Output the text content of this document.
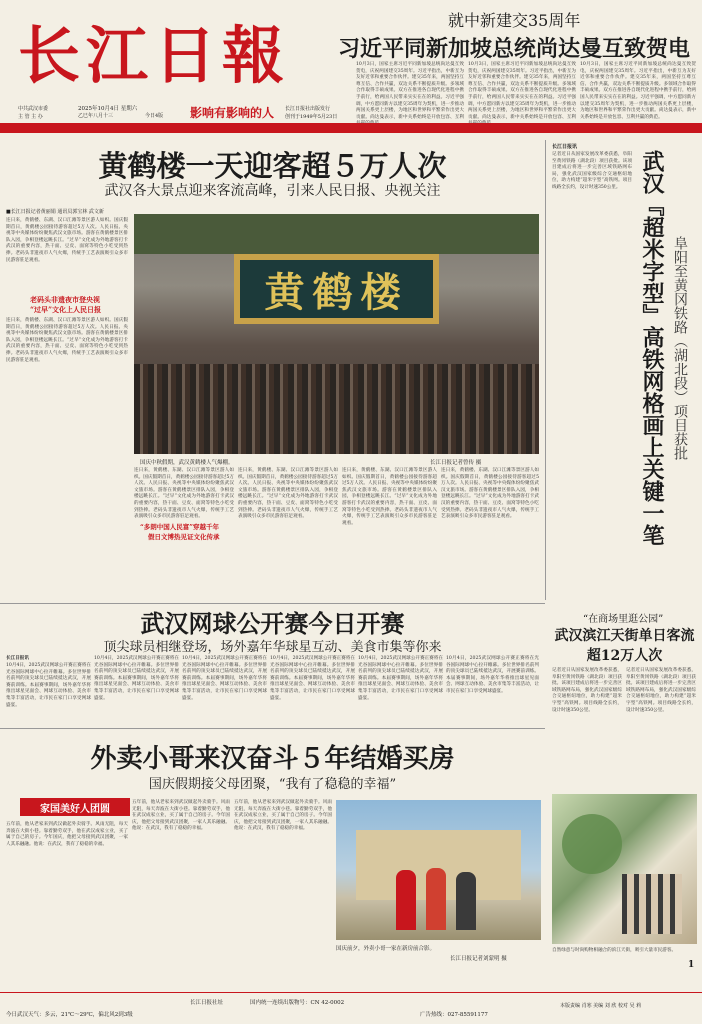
长江日報
影响有影响的人
中共武汉市委
主 管 主 办
2025年10月4日 星期六
乙巳年八月十三	今日4版
长江日报社出版发行
创刊于1949年5月23日
就中新建交35周年
习近平同新加坡总统尚达曼互致贺电
10月3日，国家主席习近平同新加坡总统尚达曼互致贺电，庆祝两国建交35周年。习近平指出，中新互为友好近邻和重要合作伙伴。建交35年来，两国坚持互尊互信、合作共赢，双边关系不断提质升级。多领域合作取得丰硕成果。双方在推进各自现代化进程中携手前行，给两国人民带来实实在在的利益。习近平强调，中方愿同新方以建交35周年为契机，进一步推动两国关系更上层楼，为地区和世界和平繁荣作出更大贡献。尚达曼表示，新中关系始终是开放包容、互利
10月3日，国家主席习近平同新加坡总统尚达曼互致贺电，庆祝两国建交35周年。习近平指出，中新互为友好近邻和重要合作伙伴。建交35年来，两国坚持互尊互信、合作共赢，双边关系不断提质升级。多领域合作取得丰硕成果。双方在推进各自现代化进程中携手前行，给两国人民带来实实在在的利益。习近平强调，中方愿同新方以建交35周年为契机，进一步推动两国关系更上层楼，为地区和世界和平繁荣作出更大贡献。尚达曼表示，新中关系始终是开放包容、互利
10月3日，国家主席习近平同新加坡总统尚达曼互致贺电，庆祝两国建交35周年。习近平指出，中新互为友好近邻和重要合作伙伴。建交35年来，两国坚持互尊互信、合作共赢，双边关系不断提质升级。多领域合作取得丰硕成果。双方在推进各自现代化进程中携手前行，给两国人民带来实实在在的利益。习近平强调，中方愿同新方以建交35周年为契机，进一步推动两国关系更上层楼，为地区和世界和平繁荣作出更大贡献。尚达曼表示，新中关系始终是开放包容、互利共赢的典范。
黄鹤楼一天迎客超５万人次
武汉各大景点迎来客流高峰，引来人民日报、央视关注
■长江日报记者黄丽娟 通讯员郭宝林 武文新
老码头非遗夜市登央视
“过早”文化上人民日报
连日来，黄鹤楼、东湖、汉口江滩等景区游人如织。国庆假期首日，黄鹤楼公园接待游客超过5万人次。人民日报、央视等中央媒体纷纷聚焦武汉文旅市场。游客在黄鹤楼景区排队入园，争相登楼远眺长江。“过早”文化成为外地游客打卡武汉的重要内容，热干面、豆皮、面窝等特色小吃受到热捧。老码头非遗夜市人气火爆，传统手工艺表演吸引众多市民游客驻足观看。
连日来，黄鹤楼、东湖、汉口江滩等景区游人如织。国庆假期首日，黄鹤楼公园接待游客超过5万人次。人民日报、央视等中央媒体纷纷聚焦武汉文旅市场。游客在黄鹤楼景区排队入园，争相登楼远眺长江。“过早”文化成为外地游客打卡武汉的重要内容，热干面、豆皮、面窝等特色小吃受到热捧。老码头非遗夜市人气火爆，传统手工艺表演吸引众多市民游客驻足观看。
黄鹤楼
国庆中秋假期，武汉黄鹤楼人气爆棚。	长江日报记者曾传 摄
连日来，黄鹤楼、东湖、汉口江滩等景区游人如织。国庆假期首日，黄鹤楼公园接待游客超过5万人次。人民日报、央视等中央媒体纷纷聚焦武汉文旅市场。游客在黄鹤楼景区排队入园，争相登楼远眺长江。“过早”文化成为外地游客打卡武汉的重要内容，热干面、豆皮、面窝等特色小吃受到热捧。老码头非遗夜市人气火爆，传统手工艺表演吸引众多市民游客驻足观看。
“多朗中国人民富”穿越千年
假日文博热见证文化传承
连日来，黄鹤楼、东湖、汉口江滩等景区游人如织。国庆假期首日，黄鹤楼公园接待游客超过5万人次。人民日报、央视等中央媒体纷纷聚焦武汉文旅市场。游客在黄鹤楼景区排队入园，争相登楼远眺长江。“过早”文化成为外地游客打卡武汉的重要内容，热干面、豆皮、面窝等特色小吃受到热捧。老码头非遗夜市人气火爆，传统手工艺表演吸引众多市民游客驻足观看。
连日来，黄鹤楼、东湖、汉口江滩等景区游人如织。国庆假期首日，黄鹤楼公园接待游客超过5万人次。人民日报、央视等中央媒体纷纷聚焦武汉文旅市场。游客在黄鹤楼景区排队入园，争相登楼远眺长江。“过早”文化成为外地游客打卡武汉的重要内容，热干面、豆皮、面窝等特色小吃受到热捧。老码头非遗夜市人气火爆，传统手工艺表演吸引众多市民游客驻足观看。
连日来，黄鹤楼、东湖、汉口江滩等景区游人如织。国庆假期首日，黄鹤楼公园接待游客超过5万人次。人民日报、央视等中央媒体纷纷聚焦武汉文旅市场。游客在黄鹤楼景区排队入园，争相登楼远眺长江。“过早”文化成为外地游客打卡武汉的重要内容，热干面、豆皮、面窝等特色小吃受到热捧。老码头非遗夜市人气火爆，传统手工艺表演吸引众多市民游客驻足观看。
长江日报讯
记者近日从国家发展改革委获悉，阜阳至黄冈铁路（湖北段）项目获批。该项目建成后将进一步完善区域铁路网布局，强化武汉国家级综合交通枢纽地位，助力构建“超米字型”高铁网。项目线路全长约，设计时速350公里。 武汉『超米字型』高铁网格画上关键一笔 阜阳至黄冈铁路（湖北段）项目获批
武汉网球公开赛今日开赛
顶尖球员相继登场，场外嘉年华球星互动、美食市集等你来
长江日报讯
10月4日，2025武汉网球公开赛正赛将在光谷国际网球中心拉开帷幕。多位世界排名前列的顶尖球员已陆续抵达武汉，开展赛前训练。本届赛事期间，场外嘉年华将推出球星见面会、网球互动体验、美食市集等丰富活动，让市民在家门口享受网球盛宴。
10月4日，2025武汉网球公开赛正赛将在光谷国际网球中心拉开帷幕。多位世界排名前列的顶尖球员已陆续抵达武汉，开展赛前训练。本届赛事期间，场外嘉年华将推出球星见面会、网球互动体验、美食市集等丰富活动，让市民在家门口享受网球盛宴。
10月4日，2025武汉网球公开赛正赛将在光谷国际网球中心拉开帷幕。多位世界排名前列的顶尖球员已陆续抵达武汉，开展赛前训练。本届赛事期间，场外嘉年华将推出球星见面会、网球互动体验、美食市集等丰富活动，让市民在家门口享受网球盛宴。
10月4日，2025武汉网球公开赛正赛将在光谷国际网球中心拉开帷幕。多位世界排名前列的顶尖球员已陆续抵达武汉，开展赛前训练。本届赛事期间，场外嘉年华将推出球星见面会、网球互动体验、美食市集等丰富活动，让市民在家门口享受网球盛宴。
10月4日，2025武汉网球公开赛正赛将在光谷国际网球中心拉开帷幕。多位世界排名前列的顶尖球员已陆续抵达武汉，开展赛前训练。本届赛事期间，场外嘉年华将推出球星见面会、网球互动体验、美食市集等丰富活动，让市民在家门口享受网球盛宴。
10月4日，2025武汉网球公开赛正赛将在光谷国际网球中心拉开帷幕。多位世界排名前列的顶尖球员已陆续抵达武汉，开展赛前训练。本届赛事期间，场外嘉年华将推出球星见面会、网球互动体验、美食市集等丰富活动，让市民在家门口享受网球盛宴。
“在商场里逛公园”
武汉滨江天街单日客流超12万人次
记者近日从国家发展改革委获悉，阜阳至黄冈铁路（湖北段）项目获批。该项目建成后将进一步完善区域铁路网布局，强化武汉国家级综合交通枢纽地位，助力构建“超米字型”高铁网。项目线路全长约，设计时速350公里。
记者近日从国家发展改革委获悉，阜阳至黄冈铁路（湖北段）项目获批。该项目建成后将进一步完善区域铁路网布局，强化武汉国家级综合交通枢纽地位，助力构建“超米字型”高铁网。项目线路全长约，设计时速350公里。
自然绿意与时尚购物相融合的滨江天街，吸引大量市民游客。
外卖小哥来汉奋斗５年结婚买房
国庆假期接父母团聚，“我有了稳稳的幸福”
家国美好人团圆
五年前，他从老家来到武汉做起外卖骑手。风雨无阻，每天奔波在大街小巷。靠着勤劳双手，他在武汉成家立业，买了属于自己的房子。今年国庆，他把父母接到武汉团聚，一家人其乐融融。他说：在武汉，我有了稳稳的幸福。
五年前，他从老家来到武汉做起外卖骑手。风雨无阻，每天奔波在大街小巷。靠着勤劳双手，他在武汉成家立业，买了属于自己的房子。今年国庆，他把父母接到武汉团聚，一家人其乐融融。他说：在武汉，我有了稳稳的幸福。
五年前，他从老家来到武汉做起外卖骑手。风雨无阻，每天奔波在大街小巷。靠着勤劳双手，他在武汉成家立业，买了属于自己的房子。今年国庆，他把父母接到武汉团聚，一家人其乐融融。他说：在武汉，我有了稳稳的幸福。
国庆前夕，外卖小哥一家在新房前合影。
长江日报记者刘蒙明 摄
今日武汉天气：多云，21℃～29℃，偏北风2到3级
长江日报社址	国内统一连续出版物号：CN 42-0002
广告热线：027-85591177
本版责编 肖寒 美编 刘 欣 校对 吴 莉
1
